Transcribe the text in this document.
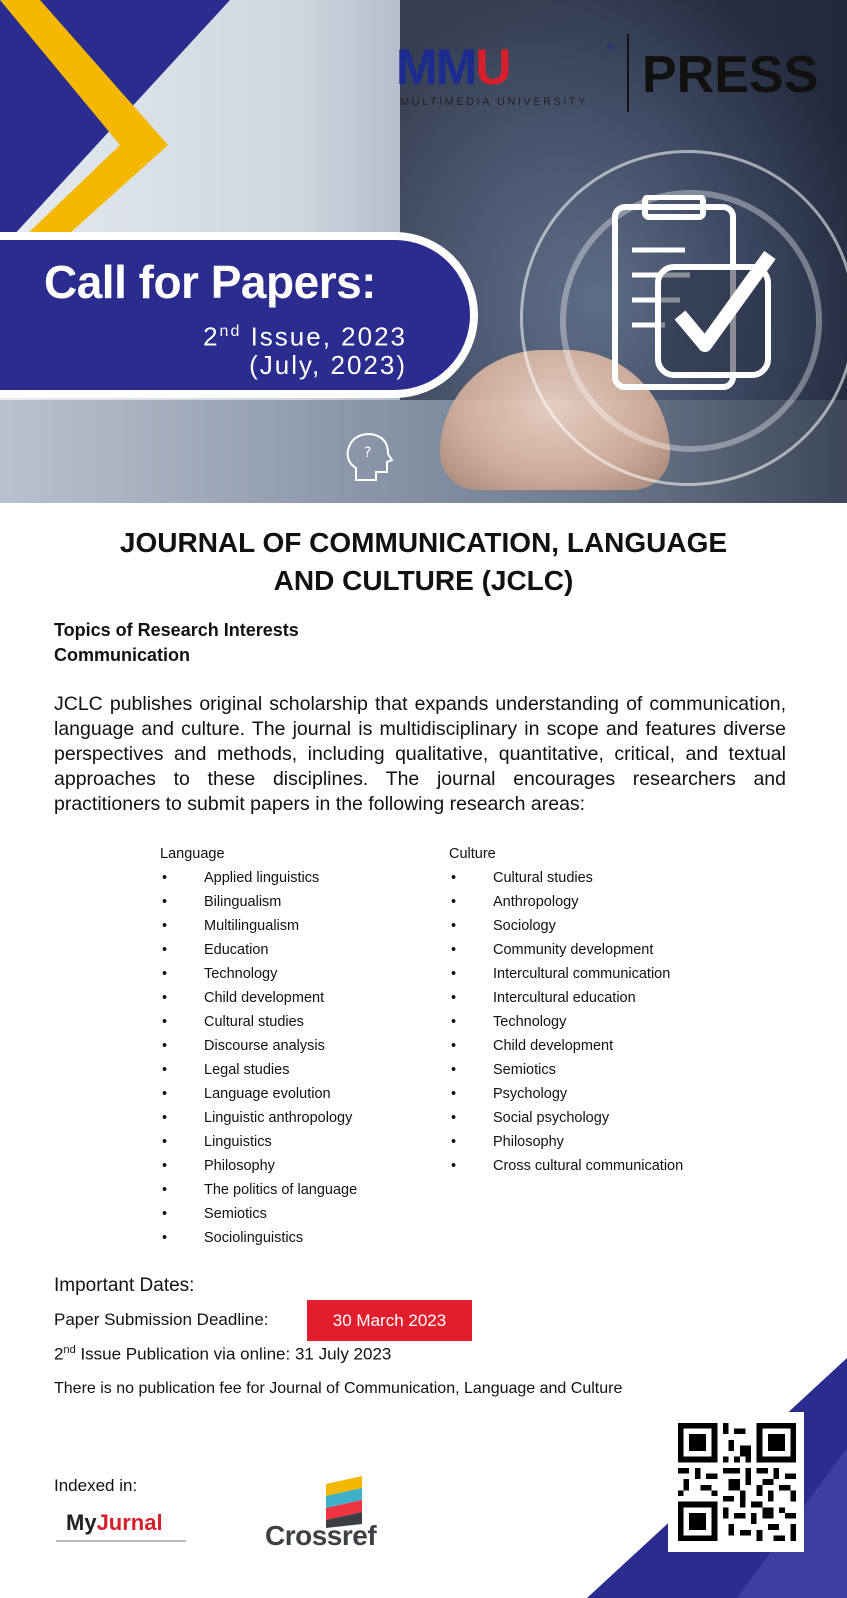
MMU	®
MULTIMEDIA UNIVERSITY PRESS
?
Call for Papers:
2nd Issue, 2023
(July, 2023)
JOURNAL OF COMMUNICATION, LANGUAGE
AND CULTURE (JCLC)
Topics of Research Interests
Communication
JCLC publishes original scholarship that expands understanding of communication, language and culture. The journal is multidisciplinary in scope and features diverse perspectives and methods, including qualitative, quantitative, critical, and textual approaches to these disciplines. The journal encourages researchers and practitioners to submit papers in the following research areas:
Language
• Applied linguistics
• Bilingualism
• Multilingualism
• Education
• Technology
• Child development
• Cultural studies
• Discourse analysis
• Legal studies
• Language evolution
• Linguistic anthropology
• Linguistics
• Philosophy
• The politics of language
• Semiotics
• Sociolinguistics
Culture
• Cultural studies
• Anthropology
• Sociology
• Community development
• Intercultural communication
• Intercultural education
• Technology
• Child development
• Semiotics
• Psychology
• Social psychology
• Philosophy
• Cross cultural communication
Important Dates:
Paper Submission Deadline:	30 March 2023
2nd Issue Publication via online: 31 July 2023
There is no publication fee for Journal of Communication, Language and Culture
Indexed in:
MyJurnal	Crossref
